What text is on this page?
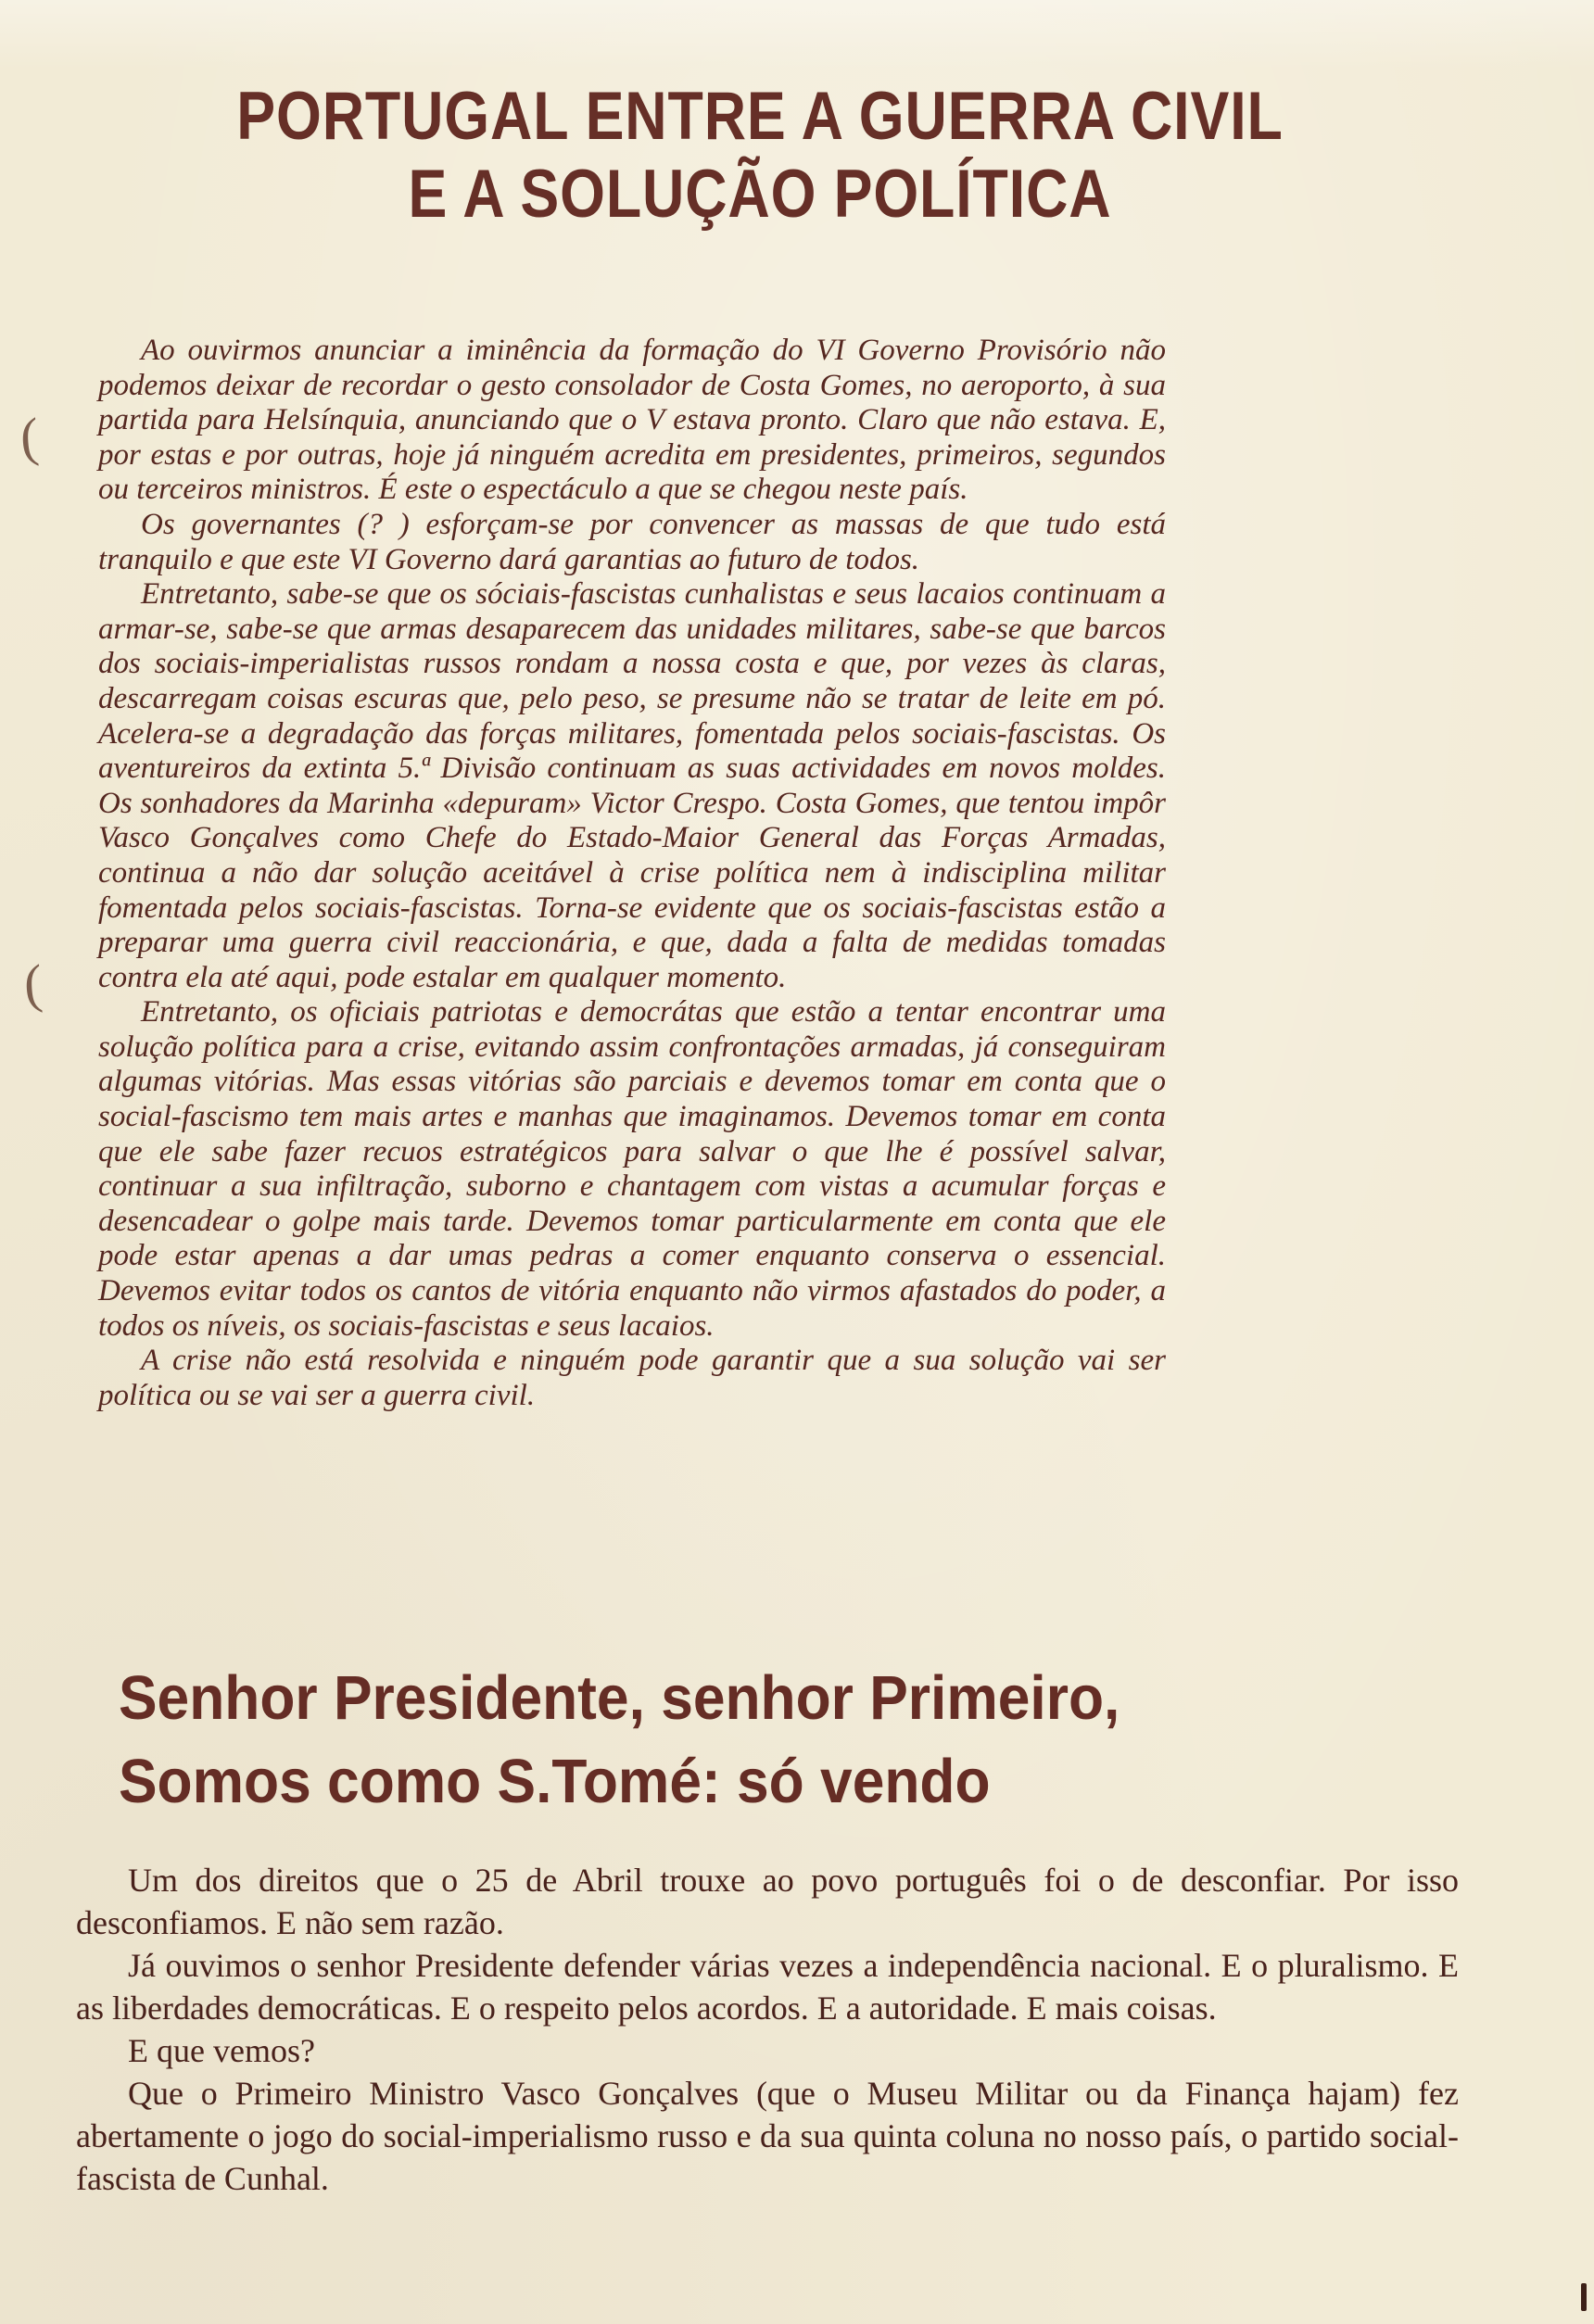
PORTUGAL ENTRE A GUERRA CIVIL
E A SOLUÇÃO POLÍTICA

Ao ouvirmos anunciar a iminência da formação do VI Governo Provisório não podemos deixar de recordar o gesto consolador de Costa Gomes, no aeroporto, à sua partida para Helsínquia, anunciando que o V estava pronto. Claro que não estava. E, por estas e por outras, hoje já ninguém acredita em presidentes, primeiros, segundos ou terceiros ministros. É este o espectáculo a que se chegou neste país.

Os governantes (? ) esforçam-se por convencer as massas de que tudo está tranquilo e que este VI Governo dará garantias ao futuro de todos.

Entretanto, sabe-se que os sóciais-fascistas cunhalistas e seus lacaios continuam a armar-se, sabe-se que armas desaparecem das unidades militares, sabe-se que barcos dos sociais-imperialistas russos rondam a nossa costa e que, por vezes às claras, descarregam coisas escuras que, pelo peso, se presume não se tratar de leite em pó. Acelera-se a degradação das forças militares, fomentada pelos sociais-fascistas. Os aventureiros da extinta 5.ª Divisão continuam as suas actividades em novos moldes. Os sonhadores da Marinha «depuram» Victor Crespo. Costa Gomes, que tentou impôr Vasco Gonçalves como Chefe do Estado-Maior General das Forças Armadas, continua a não dar solução aceitável à crise política nem à indisciplina militar fomentada pelos sociais-fascistas. Torna-se evidente que os sociais-fascistas estão a preparar uma guerra civil reaccionária, e que, dada a falta de medidas tomadas contra ela até aqui, pode estalar em qualquer momento.

Entretanto, os oficiais patriotas e democrátas que estão a tentar encontrar uma solução política para a crise, evitando assim confrontações armadas, já conseguiram algumas vitórias. Mas essas vitórias são parciais e devemos tomar em conta que o social-fascismo tem mais artes e manhas que imaginamos. Devemos tomar em conta que ele sabe fazer recuos estratégicos para salvar o que lhe é possível salvar, continuar a sua infiltração, suborno e chantagem com vistas a acumular forças e desencadear o golpe mais tarde. Devemos tomar particularmente em conta que ele pode estar apenas a dar umas pedras a comer enquanto conserva o essencial. Devemos evitar todos os cantos de vitória enquanto não virmos afastados do poder, a todos os níveis, os sociais-fascistas e seus lacaios.

A crise não está resolvida e ninguém pode garantir que a sua solução vai ser política ou se vai ser a guerra civil.

Senhor Presidente, senhor Primeiro,
Somos como S.Tomé: só vendo

Um dos direitos que o 25 de Abril trouxe ao povo português foi o de desconfiar. Por isso desconfiamos. E não sem razão.

Já ouvimos o senhor Presidente defender várias vezes a independência nacional. E o pluralismo. E as liberdades democráticas. E o respeito pelos acordos. E a autoridade. E mais coisas.

E que vemos?

Que o Primeiro Ministro Vasco Gonçalves (que o Museu Militar ou da Finança hajam) fez abertamente o jogo do social-imperialismo russo e da sua quinta coluna no nosso país, o partido social-fascista de Cunhal.

(
(
